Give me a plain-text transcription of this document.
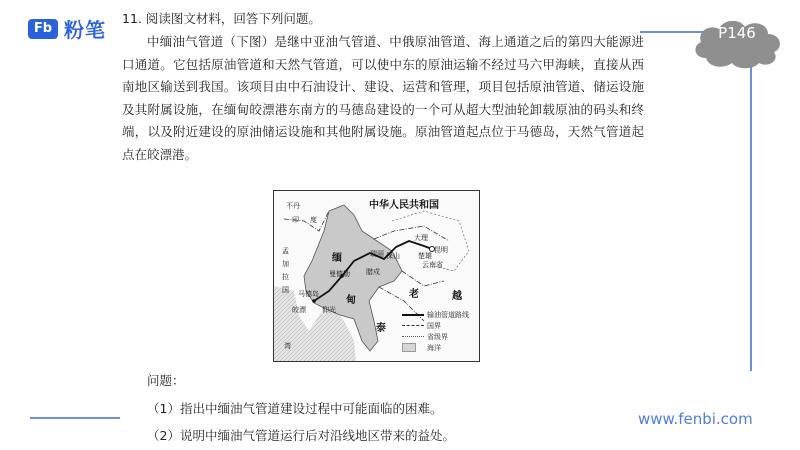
Fb 粉笔	P146
11. 阅读图文材料，回答下列问题。
中缅油气管道（下图）是继中亚油气管道、中俄原油管道、海上通道之后的第四大能源进口通道。它包括原油管道和天然气管道，可以使中东的原油运输不经过马六甲海峡，直接从西南地区输送到我国。该项目由中石油设计、建设、运营和管理，项目包括原油管道、储运设施及其附属设施，在缅甸皎漂港东南方的马德岛建设的一个可从超大型油轮卸载原油的码头和终端，以及附近建设的原油储运设施和其他附属设施。原油管道起点位于马德岛，天然气管道起点在皎漂港。
中华人民共和国
不丹
印 度
孟
加
拉
国
缅
甸
大理
昆明
楚雄
云南省
保山
瑞丽
曼德勒 腊戍
皎漂
马德岛
仰光
泰
老	越
湾
输油管道路线
国界
省级界
海洋
问题：
（1）指出中缅油气管道建设过程中可能面临的困难。
（2）说明中缅油气管道运行后对沿线地区带来的益处。
www.fenbi.com
